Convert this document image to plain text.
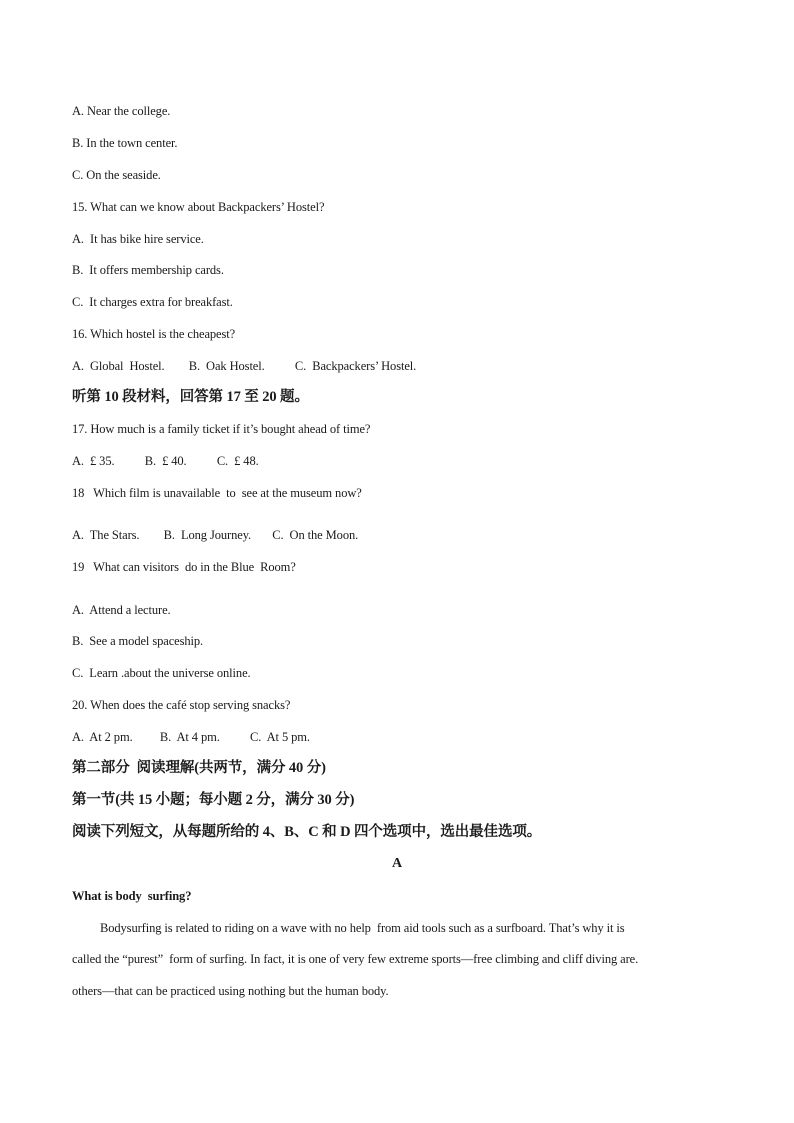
A. Near the college.
B. In the town center.
C. On the seaside.
15. What can we know about Backpackers’ Hostel?
A.  It has bike hire service.
B.  It offers membership cards.
C.  It charges extra for breakfast.
16. Which hostel is the cheapest?
A.  Global  Hostel.        B.  Oak Hostel.          C.  Backpackers’ Hostel.
听第 10 段材料，回答第 17 至 20 题。
17. How much is a family ticket if it’s bought ahead of time?
A.  £ 35.          B.  £ 40.          C.  £ 48.
18   Which film is unavailable  to  see at the museum now?
A.  The Stars.        B.  Long Journey.       C.  On the Moon.
19   What can visitors  do in the Blue  Room?
A.  Attend a lecture.
B.  See a model spaceship.
C.  Learn .about the universe online.
20. When does the café stop serving snacks?
A.  At 2 pm.         B.  At 4 pm.          C.  At 5 pm.
第二部分  阅读理解(共两节，满分 40 分)
第一节(共 15 小题；每小题 2 分，满分 30 分)
阅读下列短文，从每题所给的 4、B、C 和 D 四个选项中，选出最佳选项。
A
What is body  surfing?
Bodysurfing is related to riding on a wave with no help  from aid tools such as a surfboard. That’s why it is
called the “purest”  form of surfing. In fact, it is one of very few extreme sports—free climbing and cliff diving are.
others—that can be practiced using nothing but the human body.
